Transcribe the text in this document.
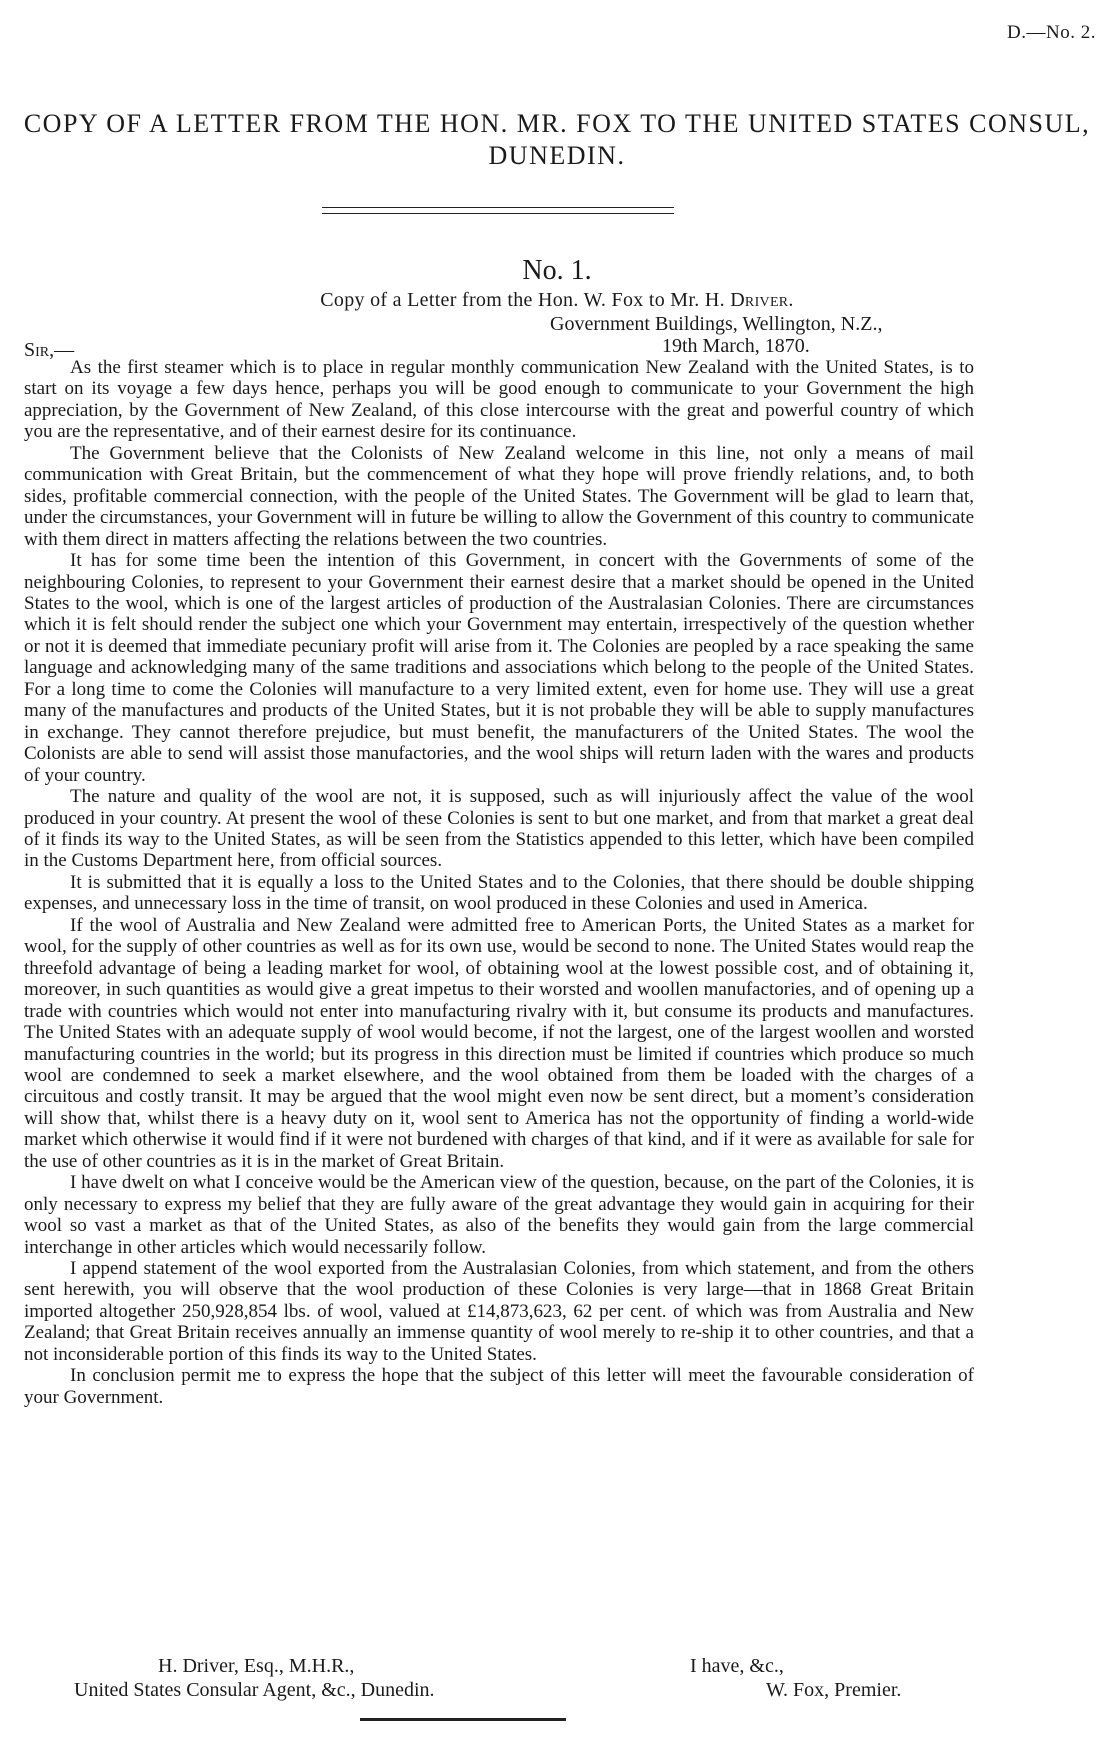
D.—No. 2.
COPY OF A LETTER FROM THE HON. MR. FOX TO THE UNITED STATES CONSUL,
DUNEDIN.
No. 1.
Copy of a Letter from the Hon. W. Fox to Mr. H. Driver.
Government Buildings, Wellington, N.Z.,
Sir,—	19th March, 1870.

As the first steamer which is to place in regular monthly communication New Zealand with the United States, is to start on its voyage a few days hence, perhaps you will be good enough to communicate to your Government the high appreciation, by the Government of New Zealand, of this close intercourse with the great and powerful country of which you are the representative, and of their earnest desire for its continuance.

The Government believe that the Colonists of New Zealand welcome in this line, not only a means of mail communication with Great Britain, but the commencement of what they hope will prove friendly relations, and, to both sides, profitable commercial connection, with the people of the United States. The Government will be glad to learn that, under the circumstances, your Government will in future be willing to allow the Government of this country to communicate with them direct in matters affecting the relations between the two countries.

It has for some time been the intention of this Government, in concert with the Governments of some of the neighbouring Colonies, to represent to your Government their earnest desire that a market should be opened in the United States to the wool, which is one of the largest articles of production of the Australasian Colonies. There are circumstances which it is felt should render the subject one which your Government may entertain, irrespectively of the question whether or not it is deemed that immediate pecuniary profit will arise from it. The Colonies are peopled by a race speaking the same language and acknowledging many of the same traditions and associations which belong to the people of the United States. For a long time to come the Colonies will manufacture to a very limited extent, even for home use. They will use a great many of the manufactures and products of the United States, but it is not probable they will be able to supply manufactures in exchange. They cannot therefore prejudice, but must benefit, the manufacturers of the United States. The wool the Colonists are able to send will assist those manufactories, and the wool ships will return laden with the wares and products of your country.

The nature and quality of the wool are not, it is supposed, such as will injuriously affect the value of the wool produced in your country. At present the wool of these Colonies is sent to but one market, and from that market a great deal of it finds its way to the United States, as will be seen from the Statistics appended to this letter, which have been compiled in the Customs Department here, from official sources.

It is submitted that it is equally a loss to the United States and to the Colonies, that there should be double shipping expenses, and unnecessary loss in the time of transit, on wool produced in these Colonies and used in America.

If the wool of Australia and New Zealand were admitted free to American Ports, the United States as a market for wool, for the supply of other countries as well as for its own use, would be second to none. The United States would reap the threefold advantage of being a leading market for wool, of obtaining wool at the lowest possible cost, and of obtaining it, moreover, in such quantities as would give a great impetus to their worsted and woollen manufactories, and of opening up a trade with countries which would not enter into manufacturing rivalry with it, but consume its products and manufactures. The United States with an adequate supply of wool would become, if not the largest, one of the largest woollen and worsted manufacturing countries in the world; but its progress in this direction must be limited if countries which produce so much wool are condemned to seek a market elsewhere, and the wool obtained from them be loaded with the charges of a circuitous and costly transit. It may be argued that the wool might even now be sent direct, but a moment’s consideration will show that, whilst there is a heavy duty on it, wool sent to America has not the opportunity of finding a world-wide market which otherwise it would find if it were not burdened with charges of that kind, and if it were as available for sale for the use of other countries as it is in the market of Great Britain.

I have dwelt on what I conceive would be the American view of the question, because, on the part of the Colonies, it is only necessary to express my belief that they are fully aware of the great advantage they would gain in acquiring for their wool so vast a market as that of the United States, as also of the benefits they would gain from the large commercial interchange in other articles which would necessarily follow.

I append statement of the wool exported from the Australasian Colonies, from which statement, and from the others sent herewith, you will observe that the wool production of these Colonies is very large—that in 1868 Great Britain imported altogether 250,928,854 lbs. of wool, valued at £14,873,623, 62 per cent. of which was from Australia and New Zealand; that Great Britain receives annually an immense quantity of wool merely to re-ship it to other countries, and that a not inconsiderable portion of this finds its way to the United States.

In conclusion permit me to express the hope that the subject of this letter will meet the favourable consideration of your Government.

H. Driver, Esq., M.H.R.,
United States Consular Agent, &c., Dunedin.
I have, &c.,
W. Fox, Premier.
